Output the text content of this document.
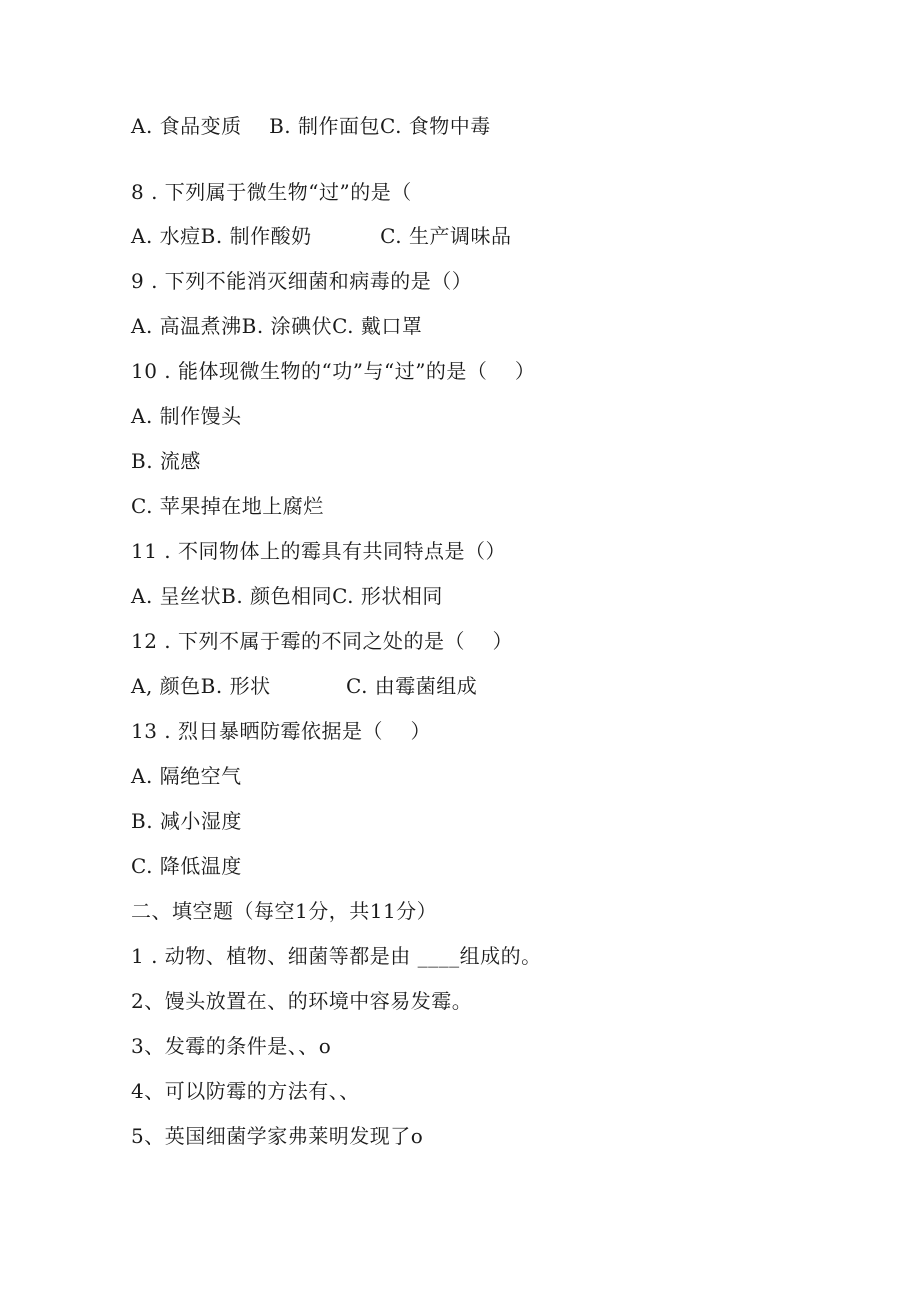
A. 食品变质    B. 制作面包C. 食物中毒
8 . 下列属于微生物“过”的是（
A. 水痘B. 制作酸奶          C. 生产调味品
9 . 下列不能消灭细菌和病毒的是（）
A. 高温煮沸B. 涂碘伏C. 戴口罩
10 . 能体现微生物的“功”与“过”的是（    ）
A. 制作馒头
B. 流感
C. 苹果掉在地上腐烂
11 . 不同物体上的霉具有共同特点是（）
A. 呈丝状B. 颜色相同C. 形状相同
12 . 下列不属于霉的不同之处的是（    ）
A, 颜色B. 形状           C. 由霉菌组成
13 . 烈日暴晒防霉依据是（    ）
A. 隔绝空气
B. 减小湿度
C. 降低温度
二、填空题（每空1分，共11分）
1 . 动物、植物、细菌等都是由 ____组成的。
2、馒头放置在、的环境中容易发霉。
3、发霉的条件是、、o
4、可以防霉的方法有、、
5、英国细菌学家弗莱明发现了o
